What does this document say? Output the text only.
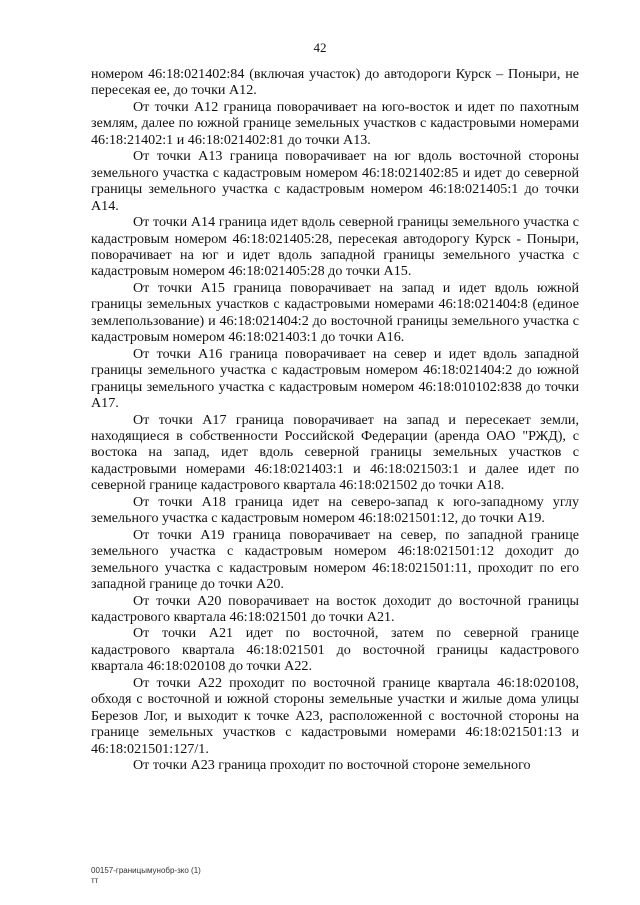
42

номером 46:18:021402:84 (включая участок) до автодороги Курск – Поныри, не пересекая ее, до точки А12.

От точки А12 граница поворачивает на юго-восток и идет по пахотным землям, далее по южной границе земельных участков с кадастровыми номерами 46:18:21402:1 и 46:18:021402:81 до точки А13.

От точки А13 граница поворачивает на юг вдоль восточной стороны земельного участка с кадастровым номером 46:18:021402:85 и идет до северной границы земельного участка с кадастровым номером 46:18:021405:1 до точки А14.

От точки А14 граница идет вдоль северной границы земельного участка с кадастровым номером 46:18:021405:28, пересекая автодорогу Курск - Поныри, поворачивает на юг и идет вдоль западной границы земельного участка с кадастровым номером 46:18:021405:28 до точки А15.

От точки А15 граница поворачивает на запад и идет вдоль южной границы земельных участков с кадастровыми номерами 46:18:021404:8 (единое землепользование) и 46:18:021404:2 до восточной границы земельного участка с кадастровым номером 46:18:021403:1 до точки А16.

От точки А16 граница поворачивает на север и идет вдоль западной границы земельного участка с кадастровым номером 46:18:021404:2 до южной границы земельного участка с кадастровым номером 46:18:010102:838 до точки А17.

От точки А17 граница поворачивает на запад и пересекает земли, находящиеся в собственности Российской Федерации (аренда ОАО "РЖД), с востока на запад, идет вдоль северной границы земельных участков с кадастровыми номерами 46:18:021403:1 и 46:18:021503:1 и далее идет по северной границе кадастрового квартала 46:18:021502 до точки А18.

От точки А18 граница идет на северо-запад к юго-западному углу земельного участка с кадастровым номером 46:18:021501:12, до точки А19.

От точки А19 граница поворачивает на север, по западной границе земельного участка с кадастровым номером 46:18:021501:12 доходит до земельного участка с кадастровым номером 46:18:021501:11, проходит по его западной границе до точки А20.

От точки А20 поворачивает на восток доходит до восточной границы кадастрового квартала 46:18:021501 до точки А21.

От точки А21 идет по восточной, затем по северной границе кадастрового квартала 46:18:021501 до восточной границы кадастрового квартала 46:18:020108 до точки А22.

От точки А22 проходит по восточной границе квартала 46:18:020108, обходя с восточной и южной стороны земельные участки и жилые дома улицы Березов Лог, и выходит к точке А23, расположенной с восточной стороны на границе земельных участков с кадастровыми номерами 46:18:021501:13 и 46:18:021501:127/1.

От точки А23 граница проходит по восточной стороне земельного

00157-границымунобр-зко (1)
тт
